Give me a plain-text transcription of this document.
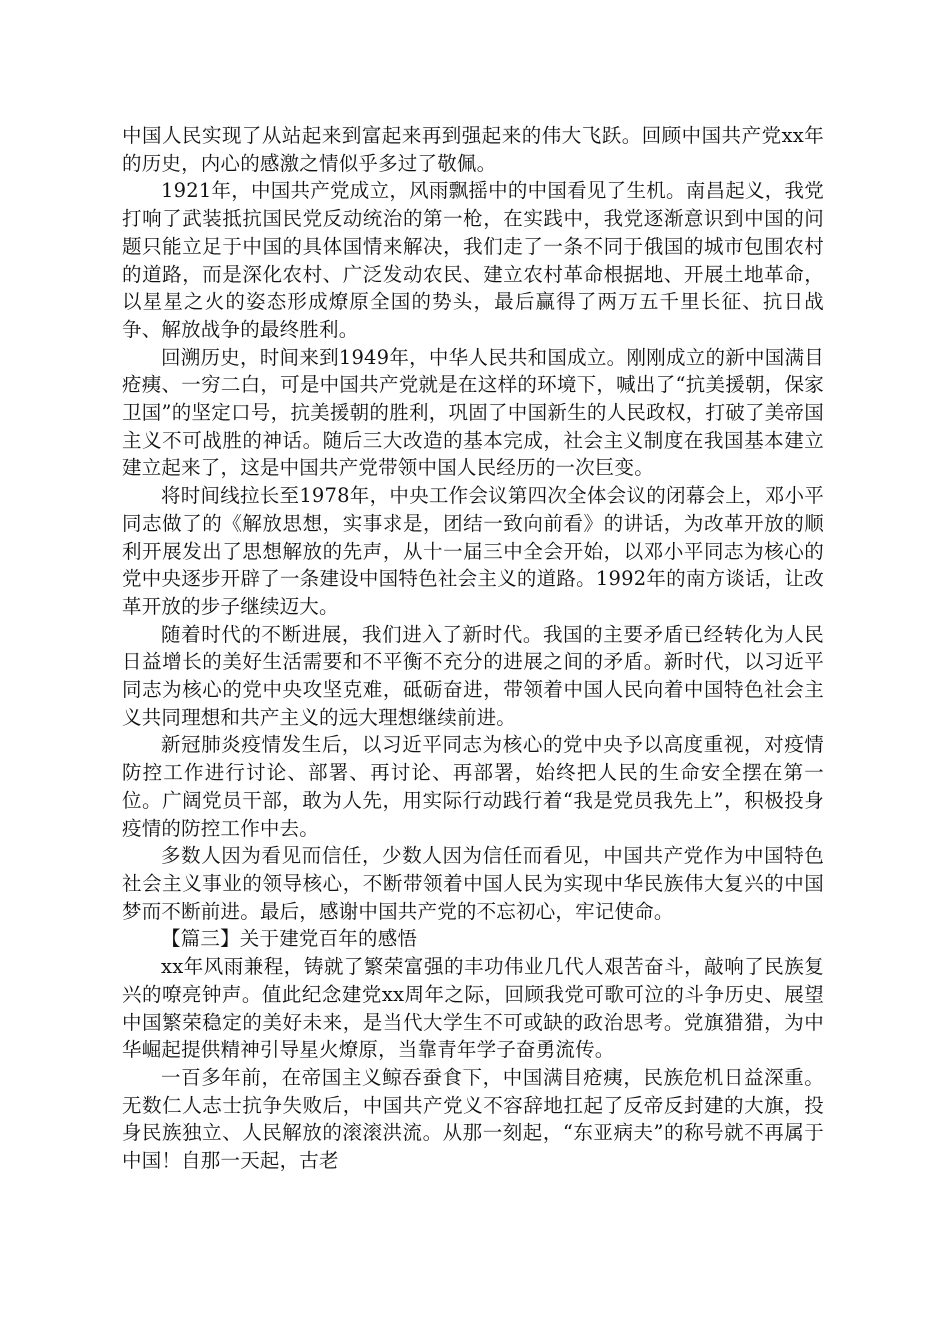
中国人民实现了从站起来到富起来再到强起来的伟大飞跃。回顾中国共产党xx年的历史，内心的感激之情似乎多过了敬佩。

1921年，中国共产党成立，风雨飘摇中的中国看见了生机。南昌起义，我党打响了武装抵抗国民党反动统治的第一枪，在实践中，我党逐渐意识到中国的问题只能立足于中国的具体国情来解决，我们走了一条不同于俄国的城市包围农村的道路，而是深化农村、广泛发动农民、建立农村革命根据地、开展土地革命，以星星之火的姿态形成燎原全国的势头，最后赢得了两万五千里长征、抗日战争、解放战争的最终胜利。

回溯历史，时间来到1949年，中华人民共和国成立。刚刚成立的新中国满目疮痍、一穷二白，可是中国共产党就是在这样的环境下，喊出了“抗美援朝，保家卫国”的坚定口号，抗美援朝的胜利，巩固了中国新生的人民政权，打破了美帝国主义不可战胜的神话。随后三大改造的基本完成，社会主义制度在我国基本建立建立起来了，这是中国共产党带领中国人民经历的一次巨变。

将时间线拉长至1978年，中央工作会议第四次全体会议的闭幕会上，邓小平同志做了的《解放思想，实事求是，团结一致向前看》的讲话，为改革开放的顺利开展发出了思想解放的先声，从十一届三中全会开始，以邓小平同志为核心的党中央逐步开辟了一条建设中国特色社会主义的道路。1992年的南方谈话，让改革开放的步子继续迈大。

随着时代的不断进展，我们进入了新时代。我国的主要矛盾已经转化为人民日益增长的美好生活需要和不平衡不充分的进展之间的矛盾。新时代，以习近平同志为核心的党中央攻坚克难，砥砺奋进，带领着中国人民向着中国特色社会主义共同理想和共产主义的远大理想继续前进。

新冠肺炎疫情发生后，以习近平同志为核心的党中央予以高度重视，对疫情防控工作进行讨论、部署、再讨论、再部署，始终把人民的生命安全摆在第一位。广阔党员干部，敢为人先，用实际行动践行着“我是党员我先上”，积极投身疫情的防控工作中去。

多数人因为看见而信任，少数人因为信任而看见，中国共产党作为中国特色社会主义事业的领导核心，不断带领着中国人民为实现中华民族伟大复兴的中国梦而不断前进。最后，感谢中国共产党的不忘初心，牢记使命。

【篇三】关于建党百年的感悟

xx年风雨兼程，铸就了繁荣富强的丰功伟业几代人艰苦奋斗，敲响了民族复兴的嘹亮钟声。值此纪念建党xx周年之际，回顾我党可歌可泣的斗争历史、展望中国繁荣稳定的美好未来，是当代大学生不可或缺的政治思考。党旗猎猎，为中华崛起提供精神引导星火燎原，当靠青年学子奋勇流传。

一百多年前，在帝国主义鲸吞蚕食下，中国满目疮痍，民族危机日益深重。无数仁人志士抗争失败后，中国共产党义不容辞地扛起了反帝反封建的大旗，投身民族独立、人民解放的滚滚洪流。从那一刻起，“东亚病夫”的称号就不再属于中国！自那一天起，古老
